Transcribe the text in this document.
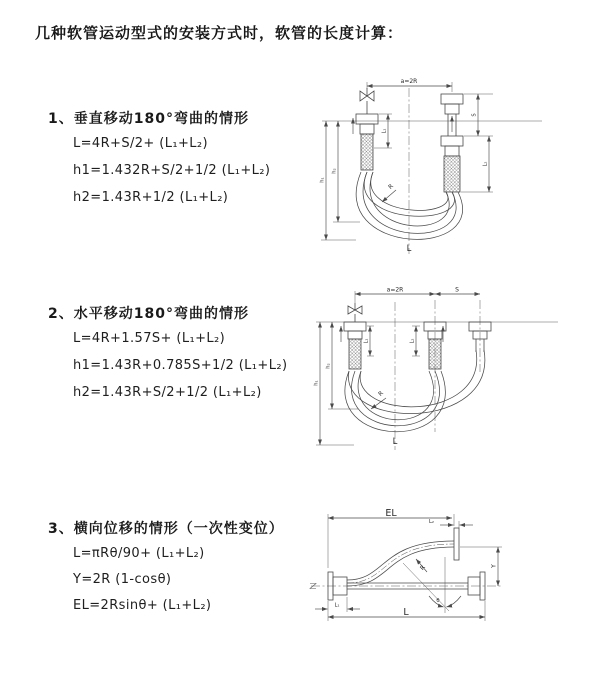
几种软管运动型式的安装方式时，软管的长度计算：
1、垂直移动180°弯曲的情形
L=4R+S/2+ (L₁+L₂)
h1=1.432R+S/2+1/2 (L₁+L₂)
h2=1.43R+1/2 (L₁+L₂)
a=2R
L₁
S
L₂
h₁
h₂
R
L
2、水平移动180°弯曲的情形
L=4R+1.57S+ (L₁+L₂)
h1=1.43R+0.785S+1/2 (L₁+L₂)
h2=1.43R+S/2+1/2 (L₁+L₂)
a=2R	S
L₁	L₂
h₁
h₂
R
L
3、横向位移的情形（一次性变位）
L=πRθ/90+ (L₁+L₂)
Y=2R (1-cosθ)
EL=2Rsinθ+ (L₁+L₂)
EL
L₂
Y
R
θ
L
L₁
